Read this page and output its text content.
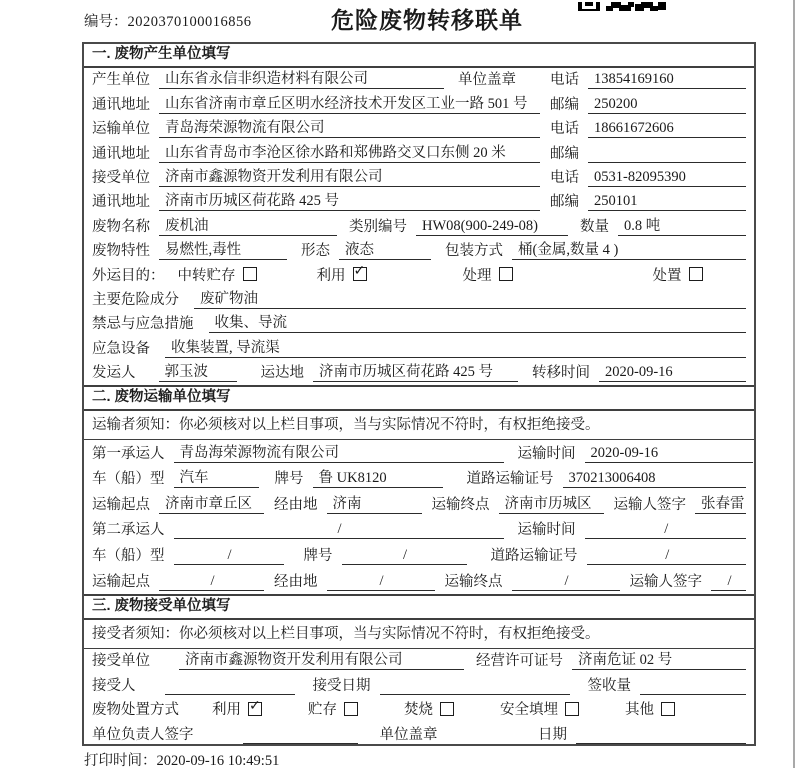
编号：2020370100016856	危险废物转移联单
一. 废物产生单位填写
产生单位	山东省永信非织造材料有限公司	单位盖章 电话	13854169160
通讯地址	山东省济南市章丘区明水经济技术开发区工业一路 501 号	邮编	250200
运输单位	青岛海荣源物流有限公司	电话	18661672606
通讯地址	山东省青岛市李沧区徐水路和郑佛路交叉口东侧 20 米	邮编
接受单位	济南市鑫源物资开发利用有限公司	电话	0531-82095390
通讯地址	济南市历城区荷花路 425 号	邮编	250101
废物名称	废机油	类别编号	HW08(900-249-08)	数量	0.8 吨
废物特性	易燃性,毒性	形态	液态	包装方式	桶(金属,数量 4 )
外运目的： 中转贮存	利用 ✓	处理	处置
主要危险成分	废矿物油
禁忌与应急措施	收集、导流
应急设备	收集装置, 导流渠
发运人	郭玉波	运达地	济南市历城区荷花路 425 号	转移时间	2020-09-16
二. 废物运输单位填写
运输者须知：你必须核对以上栏目事项，当与实际情况不符时，有权拒绝接受。
第一承运人	青岛海荣源物流有限公司	运输时间	2020-09-16
车（船）型	汽车	牌号	鲁 UK8120	道路运输证号	370213006408
运输起点	济南市章丘区	经由地	济南	运输终点	济南市历城区	运输人签字	张春雷
第二承运人	/	运输时间	/
车（船）型	/	牌号	/	道路运输证号	/
运输起点	/	经由地	/	运输终点	/	运输人签字	/
三. 废物接受单位填写
接受者须知：你必须核对以上栏目事项，当与实际情况不符时，有权拒绝接受。
接受单位	济南市鑫源物资开发利用有限公司	经营许可证号	济南危证 02 号
接受人	接受日期	签收量
废物处置方式 利用 ✓	贮存	焚烧	安全填埋	其他
单位负责人签字	单位盖章	日期
打印时间：2020-09-16 10:49:51
